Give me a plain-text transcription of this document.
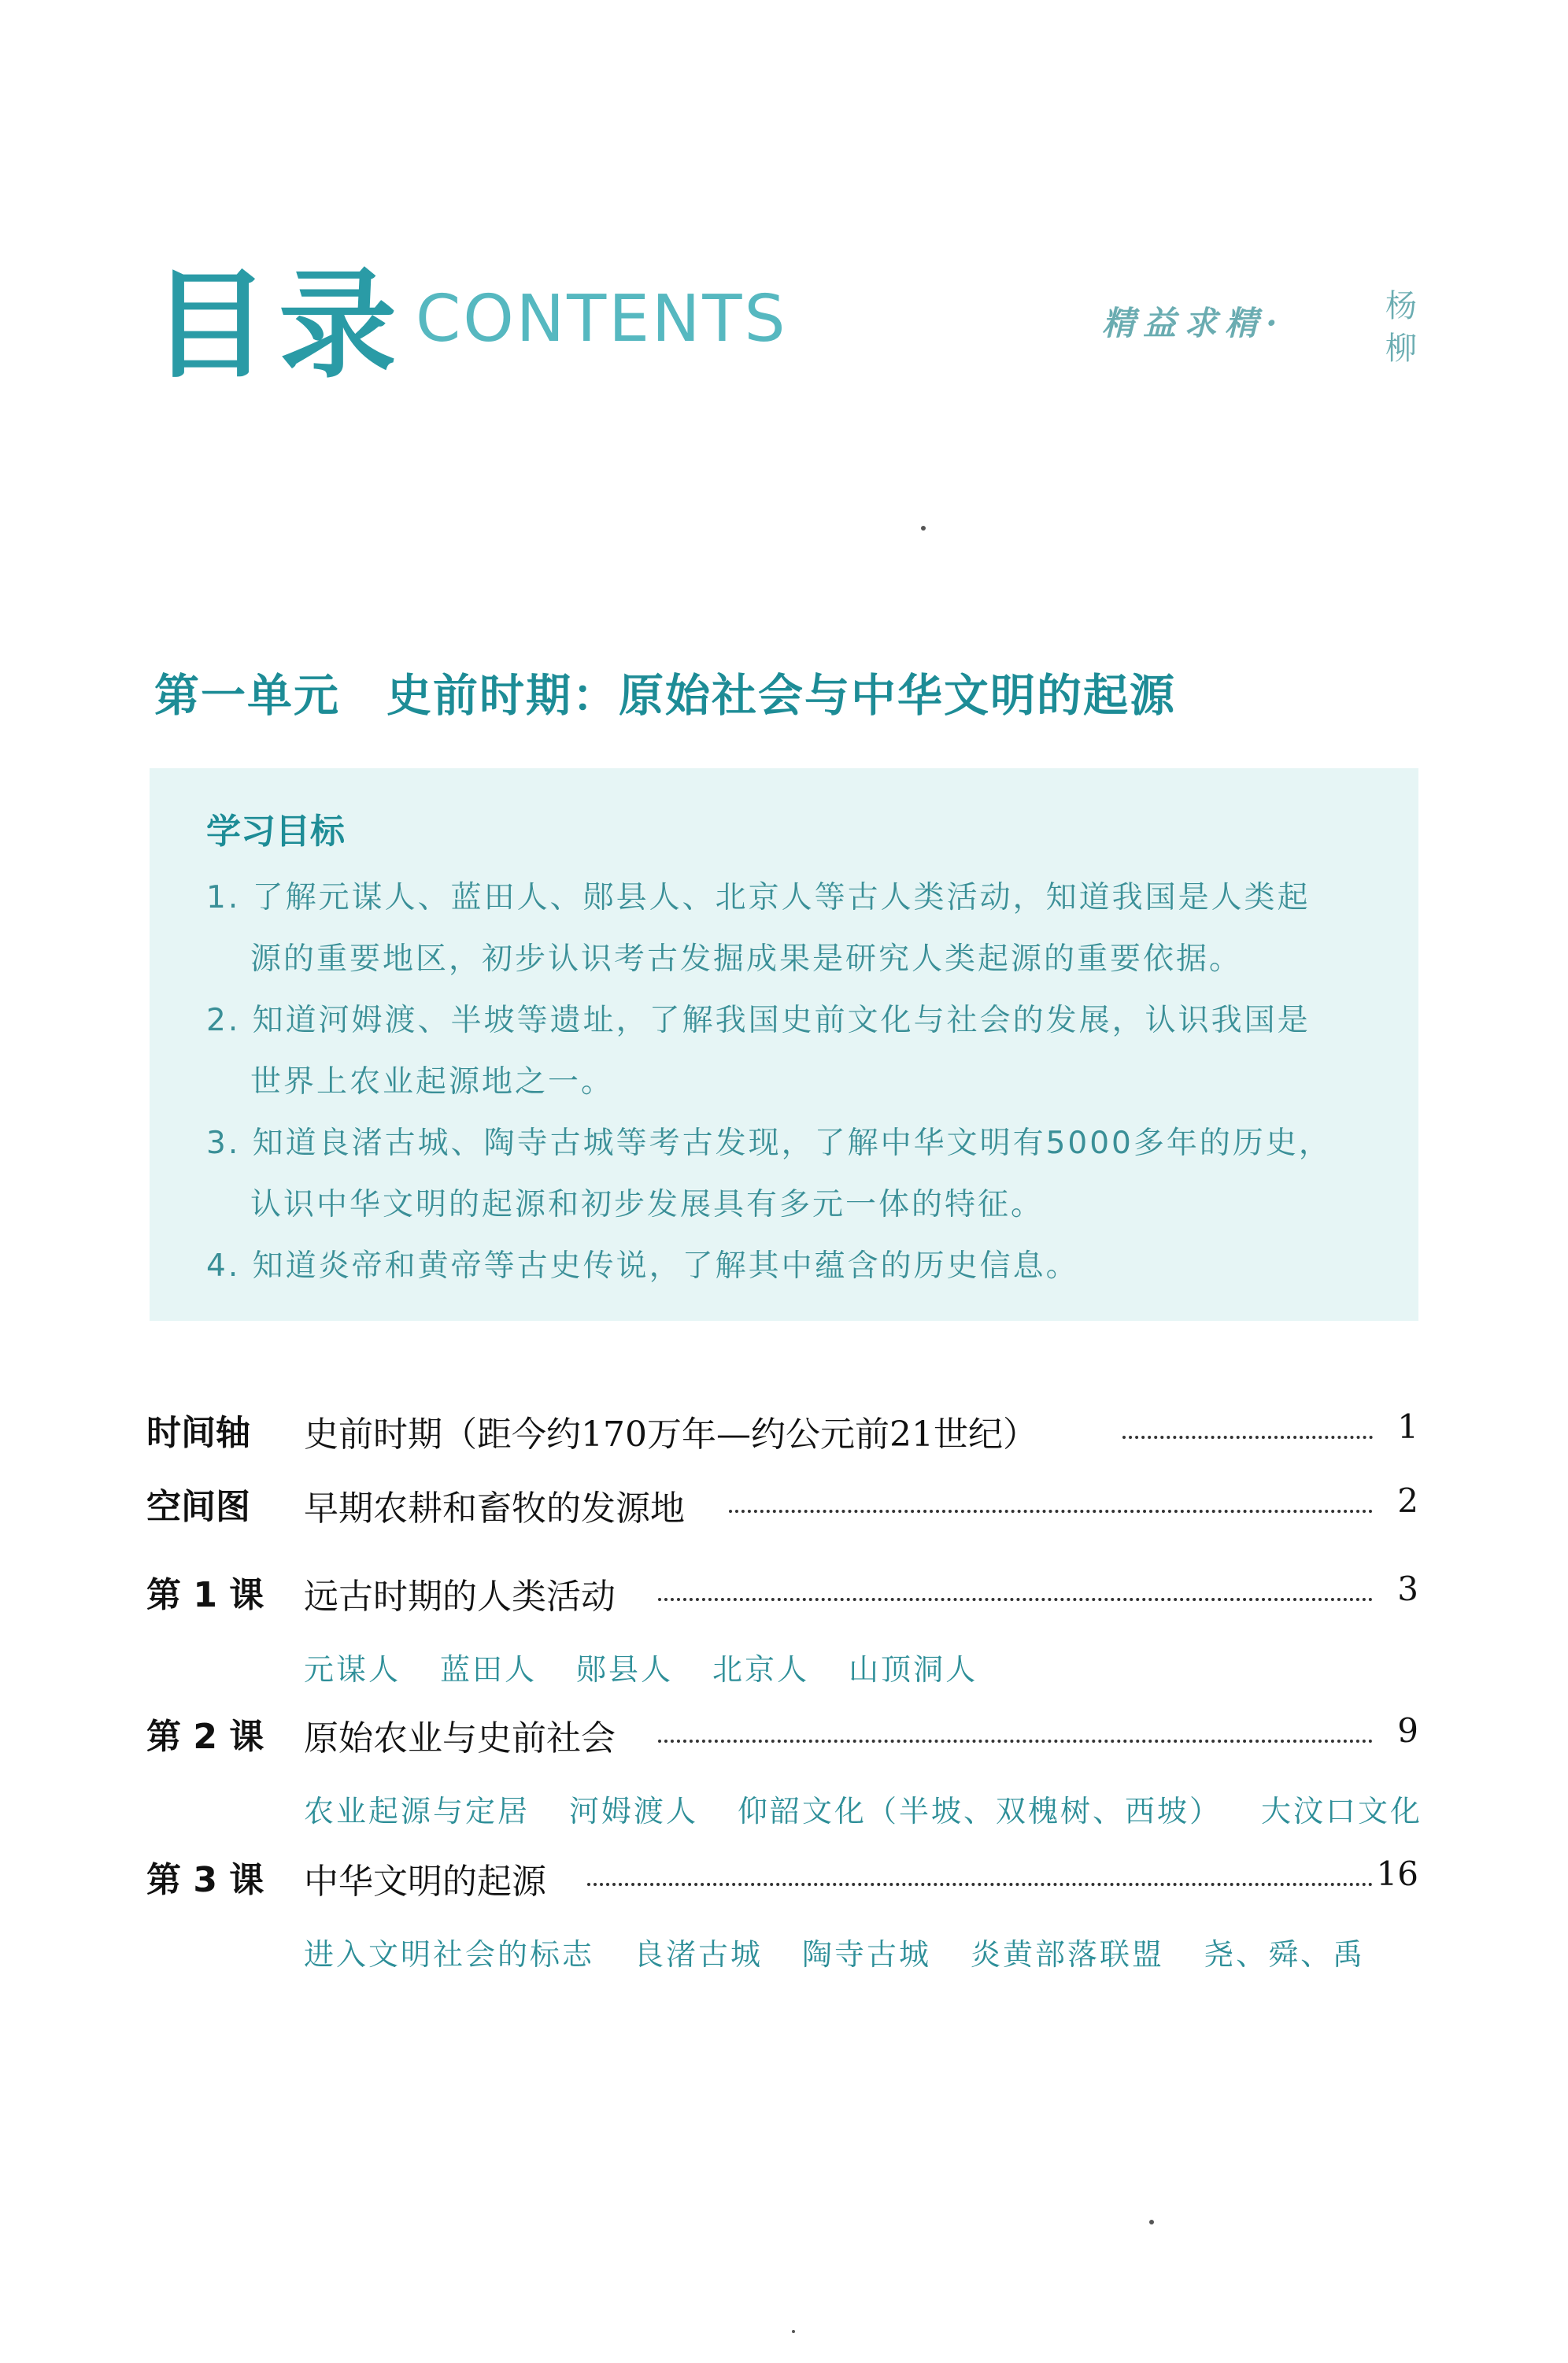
目录 CONTENTS	精益求精·	杨柳
第一单元　史前时期：原始社会与中华文明的起源
学习目标
1. 了解元谋人、蓝田人、郧县人、北京人等古人类活动，知道我国是人类起
源的重要地区，初步认识考古发掘成果是研究人类起源的重要依据。
2. 知道河姆渡、半坡等遗址，了解我国史前文化与社会的发展，认识我国是
世界上农业起源地之一。
3. 知道良渚古城、陶寺古城等考古发现，了解中华文明有5000多年的历史，
认识中华文明的起源和初步发展具有多元一体的特征。
4. 知道炎帝和黄帝等古史传说，了解其中蕴含的历史信息。
时间轴 史前时期（距今约170万年—约公元前21世纪）	1
空间图 早期农耕和畜牧的发源地	2
第 1 课 远古时期的人类活动	3
元谋人 蓝田人 郧县人 北京人 山顶洞人
第 2 课 原始农业与史前社会	9
农业起源与定居 河姆渡人 仰韶文化（半坡、双槐树、西坡） 大汶口文化
第 3 课 中华文明的起源	16
进入文明社会的标志 良渚古城 陶寺古城 炎黄部落联盟 尧、舜、禹
